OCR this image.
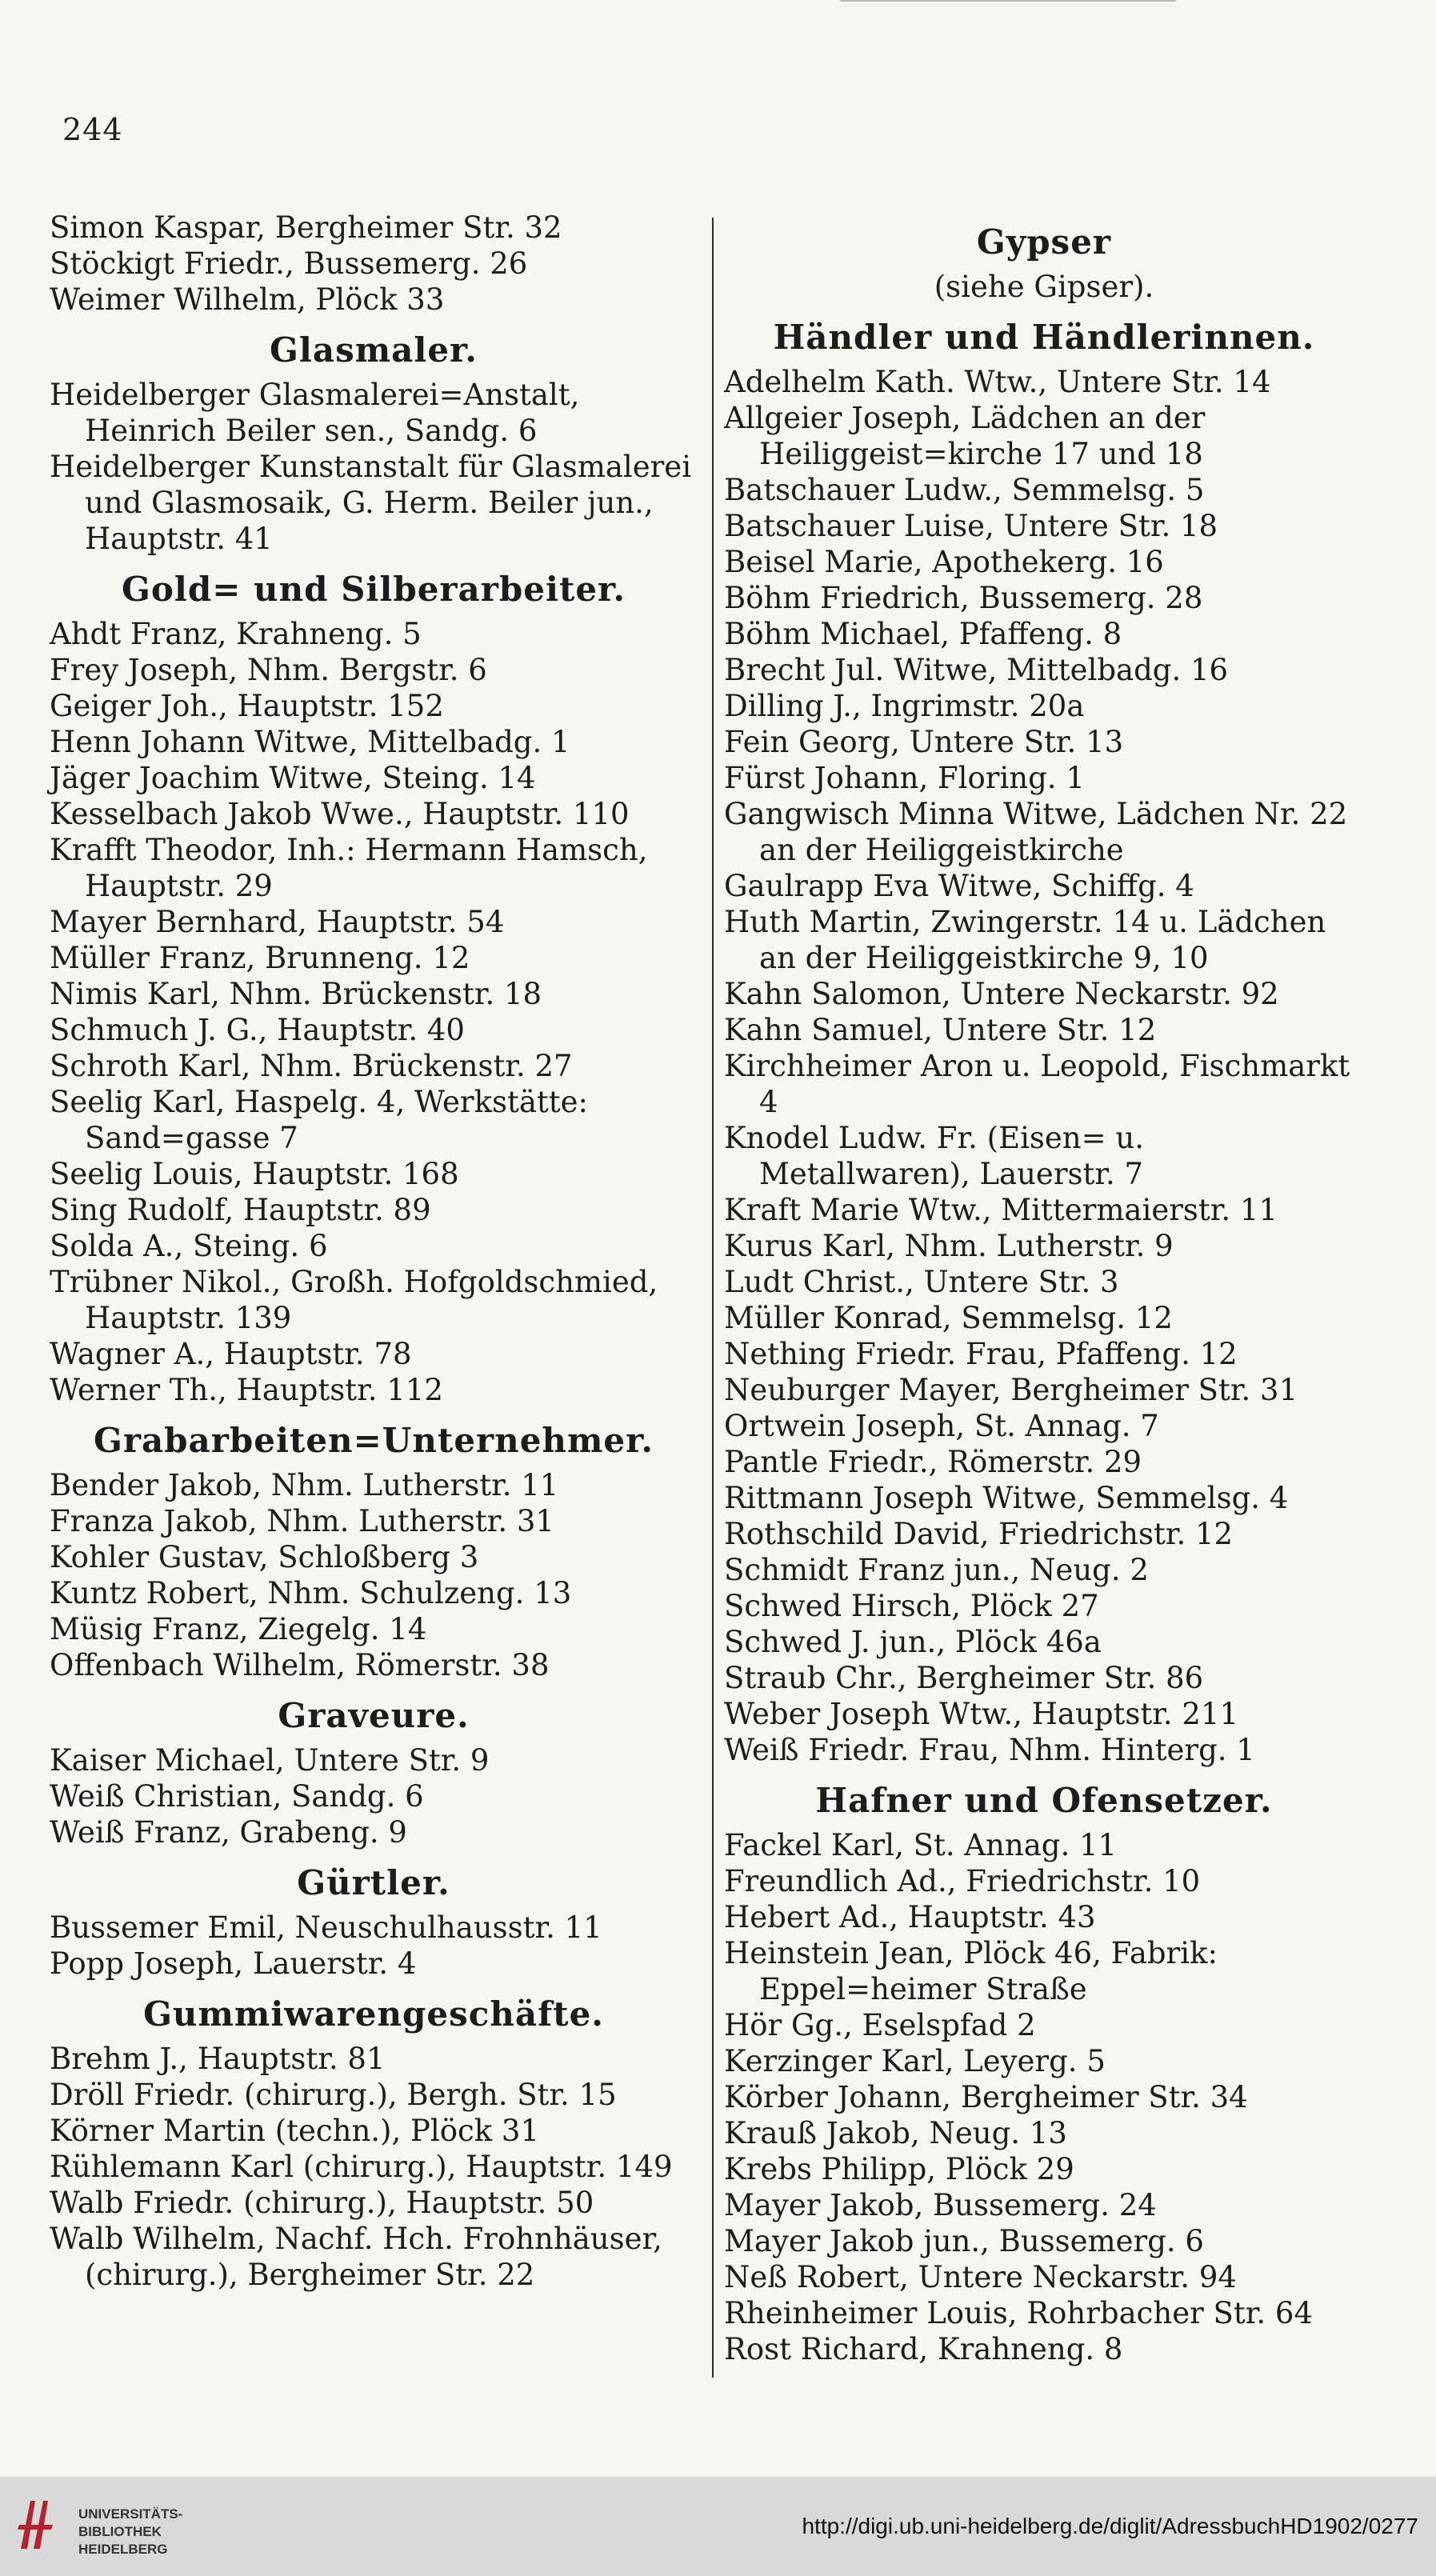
244
Simon Kaspar, Bergheimer Str. 32
Stöckigt Friedr., Bussemerg. 26
Weimer Wilhelm, Plöck 33
Glasmaler.
Heidelberger Glasmalerei=Anstalt, Heinrich Beiler sen., Sandg. 6
Heidelberger Kunstanstalt für Glasmalerei und Glasmosaik, G. Herm. Beiler jun., Hauptstr. 41
Gold= und Silberarbeiter.
Ahdt Franz, Krahneng. 5
Frey Joseph, Nhm. Bergstr. 6
Geiger Joh., Hauptstr. 152
Henn Johann Witwe, Mittelbadg. 1
Jäger Joachim Witwe, Steing. 14
Kesselbach Jakob Wwe., Hauptstr. 110
Krafft Theodor, Inh.: Hermann Hamsch, Hauptstr. 29
Mayer Bernhard, Hauptstr. 54
Müller Franz, Brunneng. 12
Nimis Karl, Nhm. Brückenstr. 18
Schmuch J. G., Hauptstr. 40
Schroth Karl, Nhm. Brückenstr. 27
Seelig Karl, Haspelg. 4, Werkstätte: Sand=gasse 7
Seelig Louis, Hauptstr. 168
Sing Rudolf, Hauptstr. 89
Solda A., Steing. 6
Trübner Nikol., Großh. Hofgoldschmied, Hauptstr. 139
Wagner A., Hauptstr. 78
Werner Th., Hauptstr. 112
Grabarbeiten=Unternehmer.
Bender Jakob, Nhm. Lutherstr. 11
Franza Jakob, Nhm. Lutherstr. 31
Kohler Gustav, Schloßberg 3
Kuntz Robert, Nhm. Schulzeng. 13
Müsig Franz, Ziegelg. 14
Offenbach Wilhelm, Römerstr. 38
Graveure.
Kaiser Michael, Untere Str. 9
Weiß Christian, Sandg. 6
Weiß Franz, Grabeng. 9
Gürtler.
Bussemer Emil, Neuschulhausstr. 11
Popp Joseph, Lauerstr. 4
Gummiwarengeschäfte.
Brehm J., Hauptstr. 81
Dröll Friedr. (chirurg.), Bergh. Str. 15
Körner Martin (techn.), Plöck 31
Rühlemann Karl (chirurg.), Hauptstr. 149
Walb Friedr. (chirurg.), Hauptstr. 50
Walb Wilhelm, Nachf. Hch. Frohnhäuser, (chirurg.), Bergheimer Str. 22
Gypser
(siehe Gipser).
Händler und Händlerinnen.
Adelhelm Kath. Wtw., Untere Str. 14
Allgeier Joseph, Lädchen an der Heiliggeist=kirche 17 und 18
Batschauer Ludw., Semmelsg. 5
Batschauer Luise, Untere Str. 18
Beisel Marie, Apothekerg. 16
Böhm Friedrich, Bussemerg. 28
Böhm Michael, Pfaffeng. 8
Brecht Jul. Witwe, Mittelbadg. 16
Dilling J., Ingrimstr. 20a
Fein Georg, Untere Str. 13
Fürst Johann, Floring. 1
Gangwisch Minna Witwe, Lädchen Nr. 22 an der Heiliggeistkirche
Gaulrapp Eva Witwe, Schiffg. 4
Huth Martin, Zwingerstr. 14 u. Lädchen an der Heiliggeistkirche 9, 10
Kahn Salomon, Untere Neckarstr. 92
Kahn Samuel, Untere Str. 12
Kirchheimer Aron u. Leopold, Fischmarkt 4
Knodel Ludw. Fr. (Eisen= u. Metallwaren), Lauerstr. 7
Kraft Marie Wtw., Mittermaierstr. 11
Kurus Karl, Nhm. Lutherstr. 9
Ludt Christ., Untere Str. 3
Müller Konrad, Semmelsg. 12
Nething Friedr. Frau, Pfaffeng. 12
Neuburger Mayer, Bergheimer Str. 31
Ortwein Joseph, St. Annag. 7
Pantle Friedr., Römerstr. 29
Rittmann Joseph Witwe, Semmelsg. 4
Rothschild David, Friedrichstr. 12
Schmidt Franz jun., Neug. 2
Schwed Hirsch, Plöck 27
Schwed J. jun., Plöck 46a
Straub Chr., Bergheimer Str. 86
Weber Joseph Wtw., Hauptstr. 211
Weiß Friedr. Frau, Nhm. Hinterg. 1
Hafner und Ofensetzer.
Fackel Karl, St. Annag. 11
Freundlich Ad., Friedrichstr. 10
Hebert Ad., Hauptstr. 43
Heinstein Jean, Plöck 46, Fabrik: Eppel=heimer Straße
Hör Gg., Eselspfad 2
Kerzinger Karl, Leyerg. 5
Körber Johann, Bergheimer Str. 34
Krauß Jakob, Neug. 13
Krebs Philipp, Plöck 29
Mayer Jakob, Bussemerg. 24
Mayer Jakob jun., Bussemerg. 6
Neß Robert, Untere Neckarstr. 94
Rheinheimer Louis, Rohrbacher Str. 64
Rost Richard, Krahneng. 8
UNIVERSITÄTS-
BIBLIOTHEK
HEIDELBERG
http://digi.ub.uni-heidelberg.de/diglit/AdressbuchHD1902/0277
